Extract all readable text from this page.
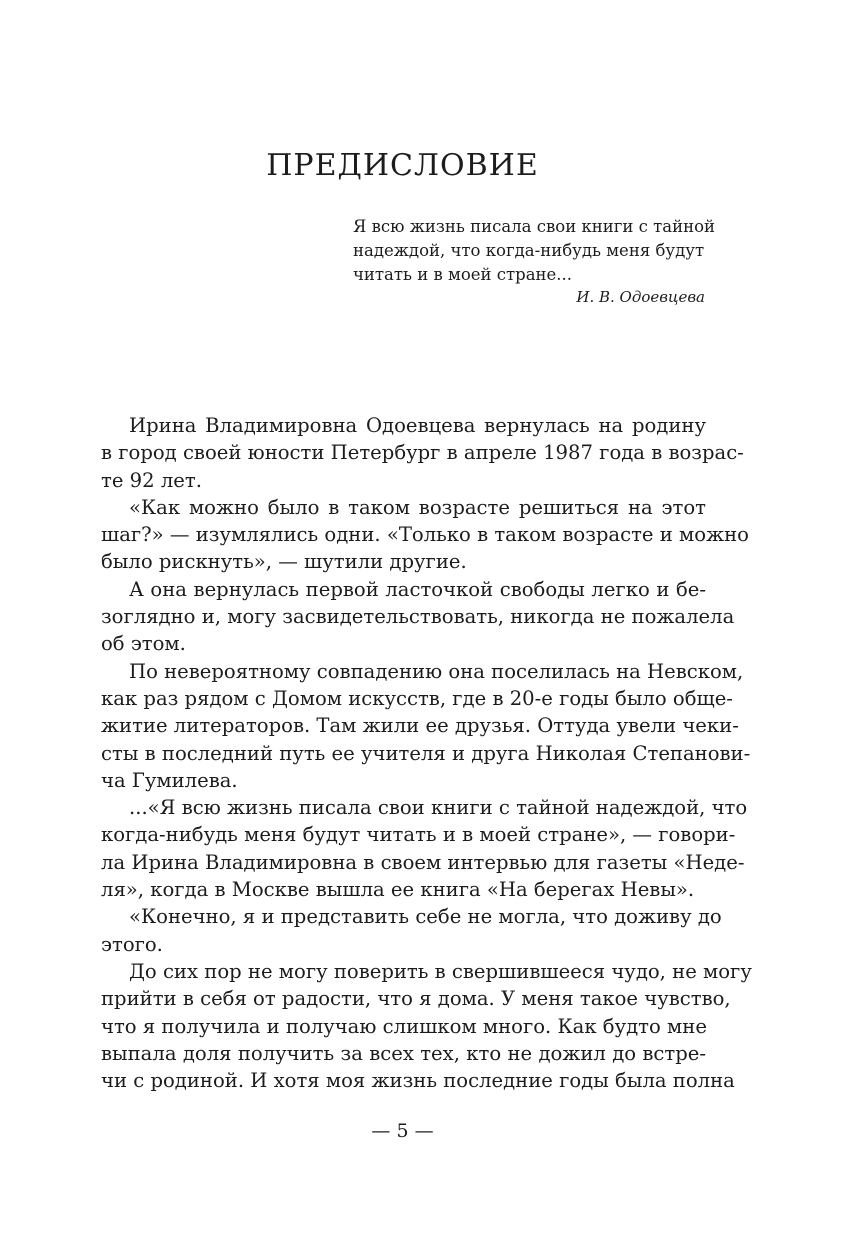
ПРЕДИСЛОВИЕ
Я всю жизнь писала свои книги с тайной
надеждой, что когда-нибудь меня будут
читать и в моей стране...
И. В. Одоевцева
Ирина Владимировна Одоевцева вернулась на родину
в город своей юности Петербург в апреле 1987 года в возрас-
те 92 лет.
«Как можно было в таком возрасте решиться на этот
шаг?» — изумлялись одни. «Только в таком возрасте и можно
было рискнуть», — шутили другие.
А она вернулась первой ласточкой свободы легко и бе-
зоглядно и, могу засвидетельствовать, никогда не пожалела
об этом.
По невероятному совпадению она поселилась на Невском,
как раз рядом с Домом искусств, где в 20-е годы было обще-
житие литераторов. Там жили ее друзья. Оттуда увели чеки-
сты в последний путь ее учителя и друга Николая Степанови-
ча Гумилева.
...«Я всю жизнь писала свои книги с тайной надеждой, что
когда-нибудь меня будут читать и в моей стране», — говори-
ла Ирина Владимировна в своем интервью для газеты «Неде-
ля», когда в Москве вышла ее книга «На берегах Невы».
«Конечно, я и представить себе не могла, что доживу до
этого.
До сих пор не могу поверить в свершившееся чудо, не могу
прийти в себя от радости, что я дома. У меня такое чувство,
что я получила и получаю слишком много. Как будто мне
выпала доля получить за всех тех, кто не дожил до встре-
чи с родиной. И хотя моя жизнь последние годы была полна
— 5 —
